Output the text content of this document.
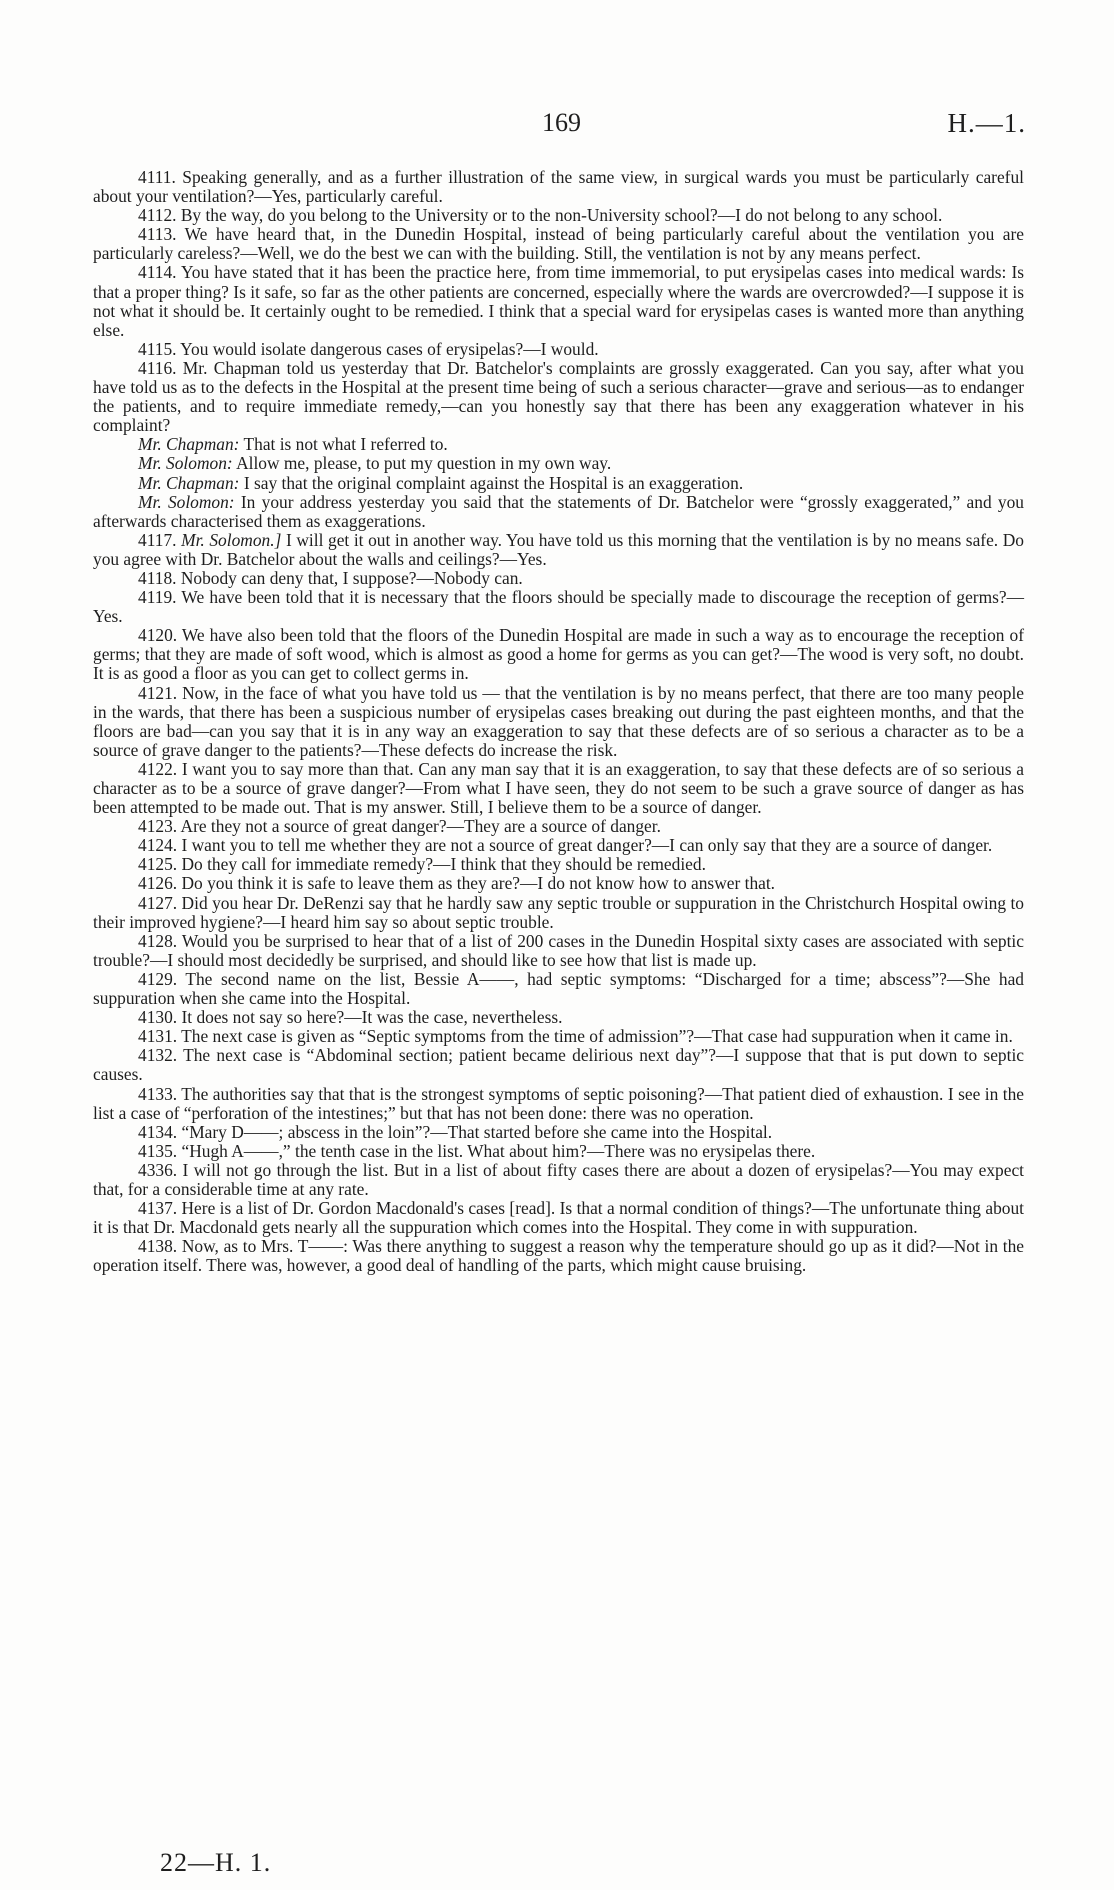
169	H.—1.

4111. Speaking generally, and as a further illustration of the same view, in surgical wards you must be particularly careful about your ventilation?—Yes, particularly careful.

4112. By the way, do you belong to the University or to the non-University school?—I do not belong to any school.

4113. We have heard that, in the Dunedin Hospital, instead of being particularly careful about the ventilation you are particularly careless?—Well, we do the best we can with the building. Still, the ventilation is not by any means perfect.

4114. You have stated that it has been the practice here, from time immemorial, to put erysipelas cases into medical wards: Is that a proper thing? Is it safe, so far as the other patients are concerned, especially where the wards are overcrowded?—I suppose it is not what it should be. It certainly ought to be remedied. I think that a special ward for erysipelas cases is wanted more than anything else.

4115. You would isolate dangerous cases of erysipelas?—I would.

4116. Mr. Chapman told us yesterday that Dr. Batchelor's complaints are grossly exaggerated. Can you say, after what you have told us as to the defects in the Hospital at the present time being of such a serious character—grave and serious—as to endanger the patients, and to require immediate remedy,—can you honestly say that there has been any exaggeration whatever in his complaint?

Mr. Chapman: That is not what I referred to.

Mr. Solomon: Allow me, please, to put my question in my own way.

Mr. Chapman: I say that the original complaint against the Hospital is an exaggeration.

Mr. Solomon: In your address yesterday you said that the statements of Dr. Batchelor were “grossly exaggerated,” and you afterwards characterised them as exaggerations.

4117. Mr. Solomon.] I will get it out in another way. You have told us this morning that the ventilation is by no means safe. Do you agree with Dr. Batchelor about the walls and ceilings?—Yes.

4118. Nobody can deny that, I suppose?—Nobody can.

4119. We have been told that it is necessary that the floors should be specially made to discourage the reception of germs?—Yes.

4120. We have also been told that the floors of the Dunedin Hospital are made in such a way as to encourage the reception of germs; that they are made of soft wood, which is almost as good a home for germs as you can get?—The wood is very soft, no doubt. It is as good a floor as you can get to collect germs in.

4121. Now, in the face of what you have told us — that the ventilation is by no means perfect, that there are too many people in the wards, that there has been a suspicious number of erysipelas cases breaking out during the past eighteen months, and that the floors are bad—can you say that it is in any way an exaggeration to say that these defects are of so serious a character as to be a source of grave danger to the patients?—These defects do increase the risk.

4122. I want you to say more than that. Can any man say that it is an exaggeration, to say that these defects are of so serious a character as to be a source of grave danger?—From what I have seen, they do not seem to be such a grave source of danger as has been attempted to be made out. That is my answer. Still, I believe them to be a source of danger.

4123. Are they not a source of great danger?—They are a source of danger.

4124. I want you to tell me whether they are not a source of great danger?—I can only say that they are a source of danger.

4125. Do they call for immediate remedy?—I think that they should be remedied.

4126. Do you think it is safe to leave them as they are?—I do not know how to answer that.

4127. Did you hear Dr. DeRenzi say that he hardly saw any septic trouble or suppuration in the Christchurch Hospital owing to their improved hygiene?—I heard him say so about septic trouble.

4128. Would you be surprised to hear that of a list of 200 cases in the Dunedin Hospital sixty cases are associated with septic trouble?—I should most decidedly be surprised, and should like to see how that list is made up.

4129. The second name on the list, Bessie A——, had septic symptoms: “Discharged for a time; abscess”?—She had suppuration when she came into the Hospital.

4130. It does not say so here?—It was the case, nevertheless.

4131. The next case is given as “Septic symptoms from the time of admission”?—That case had suppuration when it came in.

4132. The next case is “Abdominal section; patient became delirious next day”?—I suppose that that is put down to septic causes.

4133. The authorities say that that is the strongest symptoms of septic poisoning?—That patient died of exhaustion. I see in the list a case of “perforation of the intestines;” but that has not been done: there was no operation.

4134. “Mary D——; abscess in the loin”?—That started before she came into the Hospital.

4135. “Hugh A——,” the tenth case in the list. What about him?—There was no erysipelas there.

4336. I will not go through the list. But in a list of about fifty cases there are about a dozen of erysipelas?—You may expect that, for a considerable time at any rate.

4137. Here is a list of Dr. Gordon Macdonald's cases [read]. Is that a normal condition of things?—The unfortunate thing about it is that Dr. Macdonald gets nearly all the suppuration which comes into the Hospital. They come in with suppuration.

4138. Now, as to Mrs. T——: Was there anything to suggest a reason why the temperature should go up as it did?—Not in the operation itself. There was, however, a good deal of handling of the parts, which might cause bruising.

22—H. 1.
